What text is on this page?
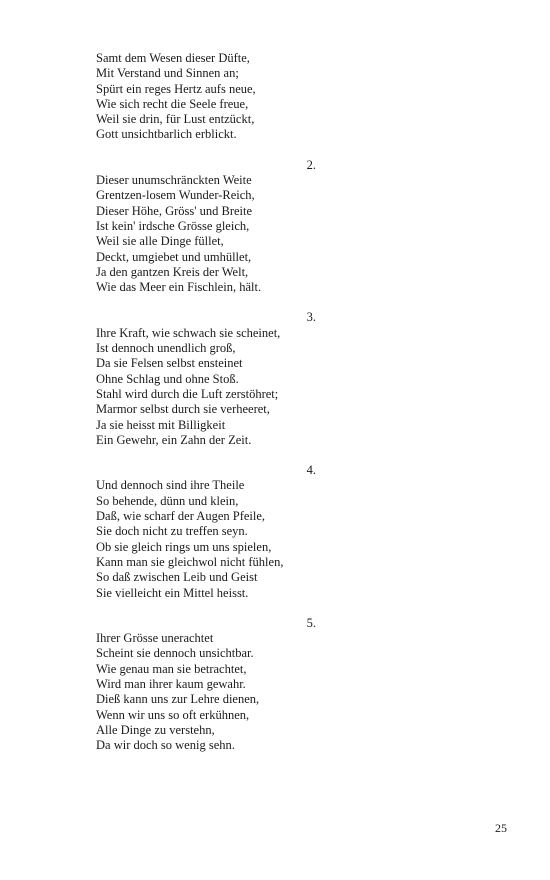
Samt dem Wesen dieser Düfte,
Mit Verstand und Sinnen an;
Spürt ein reges Hertz aufs neue,
Wie sich recht die Seele freue,
Weil sie drin, für Lust entzückt,
Gott unsichtbarlich erblickt.
2.
Dieser unumschränckten Weite
Grentzen-losem Wunder-Reich,
Dieser Höhe, Gröss' und Breite
Ist kein' irdsche Grösse gleich,
Weil sie alle Dinge füllet,
Deckt, umgiebet und umhüllet,
Ja den gantzen Kreis der Welt,
Wie das Meer ein Fischlein, hält.
3.
Ihre Kraft, wie schwach sie scheinet,
Ist dennoch unendlich groß,
Da sie Felsen selbst ensteinet
Ohne Schlag und ohne Stoß.
Stahl wird durch die Luft zerstöhret;
Marmor selbst durch sie verheeret,
Ja sie heisst mit Billigkeit
Ein Gewehr, ein Zahn der Zeit.
4.
Und dennoch sind ihre Theile
So behende, dünn und klein,
Daß, wie scharf der Augen Pfeile,
Sie doch nicht zu treffen seyn.
Ob sie gleich rings um uns spielen,
Kann man sie gleichwol nicht fühlen,
So daß zwischen Leib und Geist
Sie vielleicht ein Mittel heisst.
5.
Ihrer Grösse unerachtet
Scheint sie dennoch unsichtbar.
Wie genau man sie betrachtet,
Wird man ihrer kaum gewahr.
Dieß kann uns zur Lehre dienen,
Wenn wir uns so oft erkühnen,
Alle Dinge zu verstehn,
Da wir doch so wenig sehn.
25
